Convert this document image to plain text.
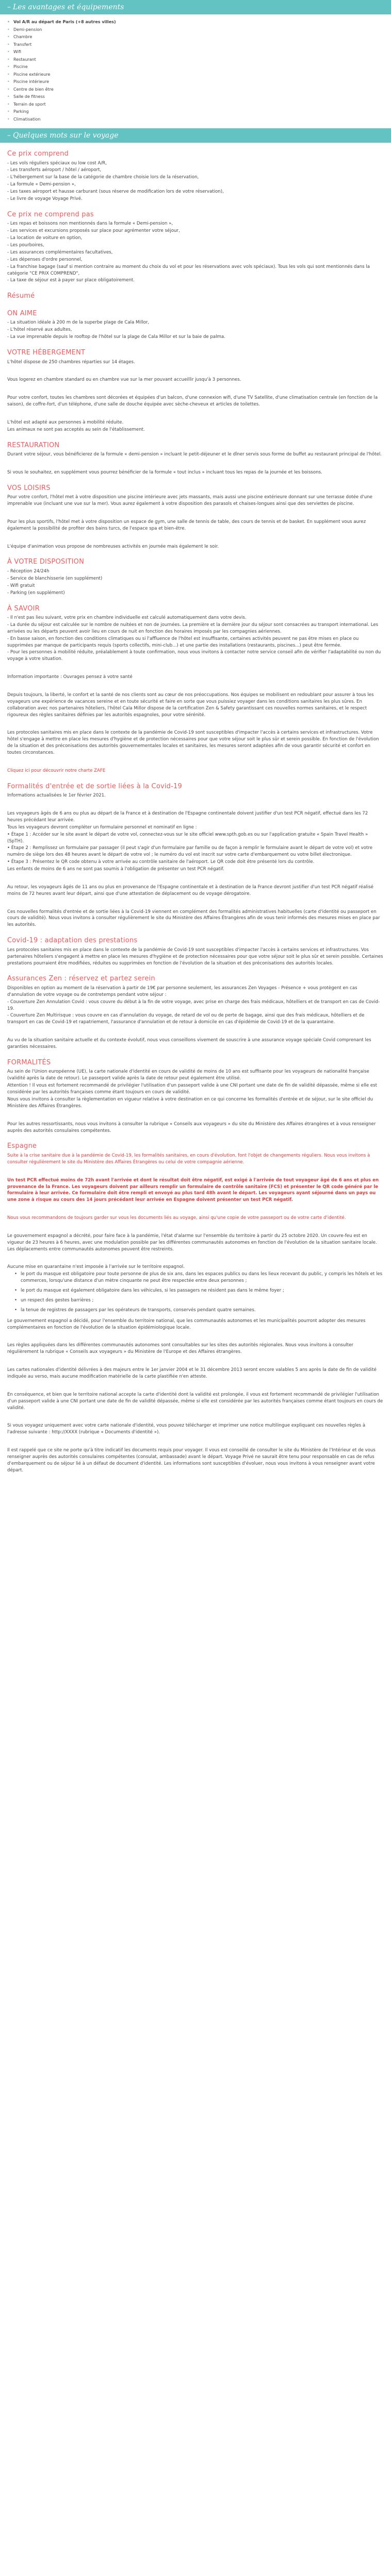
– Les avantages et équipements
• Vol A/R au départ de Paris (+8 autres villes)
• Demi-pension
• Chambre
• Transfert
• Wifi
• Restaurant
• Piscine
• Piscine extérieure
• Piscine intérieure
• Centre de bien être
• Salle de fitness
• Terrain de sport
• Parking
• Climatisation
– Quelques mots sur le voyage
Ce prix comprend

- Les vols réguliers spéciaux ou low cost A/R,

- Les transferts aéroport / hôtel / aéroport,

- L'hébergement sur la base de la catégorie de chambre choisie lors de la réservation,

- La formule « Demi-pension »,

- Les taxes aéroport et hausse carburant (sous réserve de modification lors de votre réservation),

- Le livre de voyage Voyage Privé.

Ce prix ne comprend pas

- Les repas et boissons non mentionnés dans la formule « Demi-pension »,

- Les services et excursions proposés sur place pour agrémenter votre séjour,

- La location de voiture en option,

- Les pourboires,

- Les assurances complémentaires facultatives,

- Les dépenses d'ordre personnel,

- La franchise bagage (sauf si mention contraire au moment du choix du vol et pour les réservations avec vols spéciaux). Tous les vols qui sont mentionnés dans la catégorie "CE PRIX COMPREND",

- La taxe de séjour est à payer sur place obligatoirement.

Résumé
ON AIME

- La situation idéale à 200 m de la superbe plage de Cala Millor,

- L'hôtel réservé aux adultes,

- La vue imprenable depuis le rooftop de l'hôtel sur la plage de Cala Millor et sur la baie de palma.

VOTRE HÉBERGEMENT

L'hôtel dispose de 250 chambres réparties sur 14 étages.

Vous logerez en chambre standard ou en chambre vue sur la mer pouvant accueillir jusqu'à 3 personnes.

Pour votre confort, toutes les chambres sont décorées et équipées d'un balcon, d'une connexion wifi, d'une TV Satellite, d'une climatisation centrale (en fonction de la saison), de coffre-fort, d'un téléphone, d'une salle de douche équipée avec sèche-cheveux et articles de toilettes.

L'hôtel est adapté aux personnes à mobilité réduite.

Les animaux ne sont pas acceptés au sein de l'établissement.

RESTAURATION

Durant votre séjour, vous bénéficierez de la formule « demi-pension » incluant le petit-déjeuner et le dîner servis sous forme de buffet au restaurant principal de l'hôtel.

Si vous le souhaitez, en supplément vous pourrez bénéficier de la formule « tout inclus » incluant tous les repas de la journée et les boissons.

VOS LOISIRS

Pour votre confort, l'hôtel met à votre disposition une piscine intérieure avec jets massants, mais aussi une piscine extérieure donnant sur une terrasse dotée d'une imprenable vue (incluant une vue sur la mer). Vous aurez également à votre disposition des parasols et chaises-longues ainsi que des serviettes de piscine.

Pour les plus sportifs, l'hôtel met à votre disposition un espace de gym, une salle de tennis de table, des cours de tennis et de basket. En supplément vous aurez également la possibilité de profiter des bains turcs, de l'espace spa et bien-être.

L'équipe d'animation vous propose de nombreuses activités en journée mais également le soir.

À VOTRE DISPOSITION

- Réception 24/24h

- Service de blanchisserie (en supplément)

- Wifi gratuit

- Parking (en supplément)

À SAVOIR

- Il n'est pas lieu suivant, votre prix en chambre individuelle est calculé automatiquement dans votre devis.

- La durée du séjour est calculée sur le nombre de nuitées et non de journées. La première et la dernière jour du séjour sont consacrées au transport international. Les arrivées ou les départs peuvent avoir lieu en cours de nuit en fonction des horaires imposés par les compagnies aériennes.

- En basse saison, en fonction des conditions climatiques ou si l'affluence de l'hôtel est insuffisante, certaines activités peuvent ne pas être mises en place ou supprimées par manque de participants requis (sports collectifs, mini-club...) et une partie des installations (restaurants, piscines...) peut être fermée.

- Pour les personnes à mobilité réduite, préalablement à toute confirmation, nous vous invitons à contacter notre service conseil afin de vérifier l'adaptabilité ou non du voyage à votre situation.

Information importante : Ouvrages pensez à votre santé

Depuis toujours, la liberté, le confort et la santé de nos clients sont au cœur de nos préoccupations. Nos équipes se mobilisent en redoublant pour assurer à tous les voyageurs une expérience de vacances sereine et en toute sécurité et faire en sorte que vous puissiez voyager dans les conditions sanitaires les plus sûres. En collaboration avec nos partenaires hôteliers, l'hôtel Cala Millor dispose de la certification Zen & Safety garantissant ces nouvelles normes sanitaires, et le respect rigoureux des règles sanitaires définies par les autorités espagnoles, pour votre sérénité.

Les protocoles sanitaires mis en place dans le contexte de la pandémie de Covid-19 sont susceptibles d'impacter l'accès à certains services et infrastructures. Votre hôtel s'engage à mettre en place les mesures d'hygiène et de protection nécessaires pour que votre séjour soit le plus sûr et serein possible. En fonction de l'évolution de la situation et des préconisations des autorités gouvernementales locales et sanitaires, les mesures seront adaptées afin de vous garantir sécurité et confort en toutes circonstances.

Cliquez ici pour découvrir notre charte ZAFE

Formalités d'entrée et de sortie liées à la Covid-19

Informations actualisées le 1er février 2021.

Les voyageurs âgés de 6 ans ou plus au départ de la France et à destination de l'Espagne continentale doivent justifier d'un test PCR négatif, effectué dans les 72 heures précédant leur arrivée.

Tous les voyageurs devront compléter un formulaire personnel et nominatif en ligne :

• Étape 1 : Accéder sur le site avant le départ de votre vol, connectez-vous sur le site officiel www.spth.gob.es ou sur l'application gratuite « Spain Travel Health » (SpTH).

• Étape 2 : Remplissez un formulaire par passager (il peut s'agir d'un formulaire par famille ou de façon à remplir le formulaire avant le départ de votre vol) et votre numéro de siège lors des 48 heures avant le départ de votre vol ; le numéro du vol est inscrit sur votre carte d'embarquement ou votre billet électronique.

• Étape 3 : Présentez le QR code obtenu à votre arrivée au contrôle sanitaire de l'aéroport. Le QR code doit être présenté lors du contrôle.

Les enfants de moins de 6 ans ne sont pas soumis à l'obligation de présenter un test PCR négatif.

Au retour, les voyageurs âgés de 11 ans ou plus en provenance de l'Espagne continentale et à destination de la France devront justifier d'un test PCR négatif réalisé moins de 72 heures avant leur départ, ainsi que d'une attestation de déplacement ou de voyage dérogatoire.

Ces nouvelles formalités d'entrée et de sortie liées à la Covid-19 viennent en complément des formalités administratives habituelles (carte d'identité ou passeport en cours de validité). Nous vous invitons à consulter régulièrement le site du Ministère des Affaires Étrangères afin de vous tenir informés des mesures mises en place par les autorités.

Covid-19 : adaptation des prestations

Les protocoles sanitaires mis en place dans le contexte de la pandémie de Covid-19 sont susceptibles d'impacter l'accès à certains services et infrastructures. Vos partenaires hôteliers s'engagent à mettre en place les mesures d'hygiène et de protection nécessaires pour que votre séjour soit le plus sûr et serein possible. Certaines prestations pourraient être modifiées, réduites ou supprimées en fonction de l'évolution de la situation et des préconisations des autorités locales.

Assurances Zen : réservez et partez serein

Disponibles en option au moment de la réservation à partir de 19€ par personne seulement, les assurances Zen Voyages - Présence + vous protègent en cas d'annulation de votre voyage ou de contretemps pendant votre séjour :

- Couverture Zen Annulation Covid : vous couvre du début à la fin de votre voyage, avec prise en charge des frais médicaux, hôtelliers et de transport en cas de Covid-19.

- Couverture Zen Multirisque : vous couvre en cas d'annulation du voyage, de retard de vol ou de perte de bagage, ainsi que des frais médicaux, hôtelliers et de transport en cas de Covid-19 et rapatriement, l'assurance d'annulation et de retour à domicile en cas d'épidémie de Covid-19 et de la quarantaine.

Au vu de la situation sanitaire actuelle et du contexte évolutif, nous vous conseillons vivement de souscrire à une assurance voyage spéciale Covid comprenant les garanties nécessaires.

FORMALITÉS

Au sein de l'Union européenne (UE), la carte nationale d'identité en cours de validité de moins de 10 ans est suffisante pour les voyageurs de nationalité française (validité après la date de retour). Le passeport valide après la date de retour peut également être utilisé.

Attention ! Il vous est fortement recommandé de privilégier l'utilisation d'un passeport valide à une CNI portant une date de fin de validité dépassée, même si elle est considérée par les autorités françaises comme étant toujours en cours de validité.

Nous vous invitons à consulter la règlementation en vigueur relative à votre destination en ce qui concerne les formalités d'entrée et de séjour, sur le site officiel du Ministère des Affaires Étrangères.

Pour les autres ressortissants, nous vous invitons à consulter la rubrique « Conseils aux voyageurs » du site du Ministère des Affaires étrangères et à vous renseigner auprès des autorités consulaires compétentes.

Espagne

Suite à la crise sanitaire due à la pandémie de Covid-19, les formalités sanitaires, en cours d'évolution, font l'objet de changements réguliers. Nous vous invitons à consulter régulièrement le site du Ministère des Affaires Étrangères ou celui de votre compagnie aérienne.

Un test PCR effectué moins de 72h avant l'arrivée et dont le résultat doit être négatif, est exigé à l'arrivée de tout voyageur âgé de 6 ans et plus en provenance de la France. Les voyageurs doivent par ailleurs remplir un formulaire de contrôle sanitaire (FCS) et présenter le QR code généré par le formulaire à leur arrivée. Ce formulaire doit être rempli et envoyé au plus tard 48h avant le départ. Les voyageurs ayant séjourné dans un pays ou une zone à risque au cours des 14 jours précédant leur arrivée en Espagne doivent présenter un test PCR négatif.

Nous vous recommandons de toujours garder sur vous les documents liés au voyage, ainsi qu'une copie de votre passeport ou de votre carte d'identité.

Le gouvernement espagnol a décrété, pour faire face à la pandémie, l'état d'alarme sur l'ensemble du territoire à partir du 25 octobre 2020. Un couvre-feu est en vigueur de 23 heures à 6 heures, avec une modulation possible par les différentes communautés autonomes en fonction de l'évolution de la situation sanitaire locale. Les déplacements entre communautés autonomes peuvent être restreints.

Aucune mise en quarantaine n'est imposée à l'arrivée sur le territoire espagnol.

• le port du masque est obligatoire pour toute personne de plus de six ans, dans les espaces publics ou dans les lieux recevant du public, y compris les hôtels et les commerces, lorsqu'une distance d'un mètre cinquante ne peut être respectée entre deux personnes ;
• le port du masque est également obligatoire dans les véhicules, si les passagers ne résident pas dans le même foyer ;
• un respect des gestes barrières ;
• la tenue de registres de passagers par les opérateurs de transports, conservés pendant quatre semaines.

Le gouvernement espagnol a décidé, pour l'ensemble du territoire national, que les communautés autonomes et les municipalités pourront adopter des mesures complémentaires en fonction de l'évolution de la situation épidémiologique locale.

Les règles appliquées dans les différentes communautés autonomes sont consultables sur les sites des autorités régionales. Nous vous invitons à consulter régulièrement la rubrique « Conseils aux voyageurs » du Ministère de l'Europe et des Affaires étrangères.

Les cartes nationales d'identité délivrées à des majeurs entre le 1er janvier 2004 et le 31 décembre 2013 seront encore valables 5 ans après la date de fin de validité indiquée au verso, mais aucune modification matérielle de la carte plastifiée n'en atteste.

En conséquence, et bien que le territoire national accepte la carte d'identité dont la validité est prolongée, il vous est fortement recommandé de privilégier l'utilisation d'un passeport valide à une CNI portant une date de fin de validité dépassée, même si elle est considérée par les autorités françaises comme étant toujours en cours de validité.

Si vous voyagez uniquement avec votre carte nationale d'identité, vous pouvez télécharger et imprimer une notice multilingue expliquant ces nouvelles règles à l'adresse suivante : http://XXXX (rubrique « Documents d'identité »).

Il est rappelé que ce site ne porte qu'à titre indicatif les documents requis pour voyager. Il vous est conseillé de consulter le site du Ministère de l'Intérieur et de vous renseigner auprès des autorités consulaires compétentes (consulat, ambassade) avant le départ. Voyage Privé ne saurait être tenu pour responsable en cas de refus d'embarquement ou de séjour lié à un défaut de document d'identité. Les informations sont susceptibles d'évoluer, nous vous invitons à vous renseigner avant votre départ.
